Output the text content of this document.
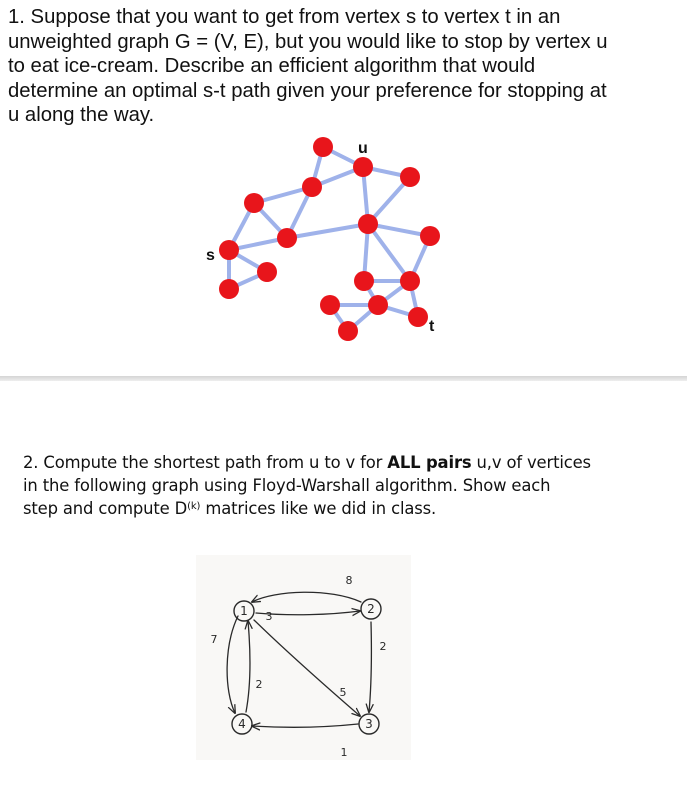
1. Suppose that you want to get from vertex s to vertex t in an

unweighted graph G = (V, E), but you would like to stop by vertex u

to eat ice-cream. Describe an efficient algorithm that would

determine an optimal s-t path given your preference for stopping at

u along the way.

u
s
t

2. Compute the shortest path from u to v for ALL pairs u,v of vertices

in the following graph using Floyd-Warshall algorithm. Show each

step and compute $D^{(k)}$ matrices like we did in class.

1	2
3
4
8
3
2
7
2
5
1
